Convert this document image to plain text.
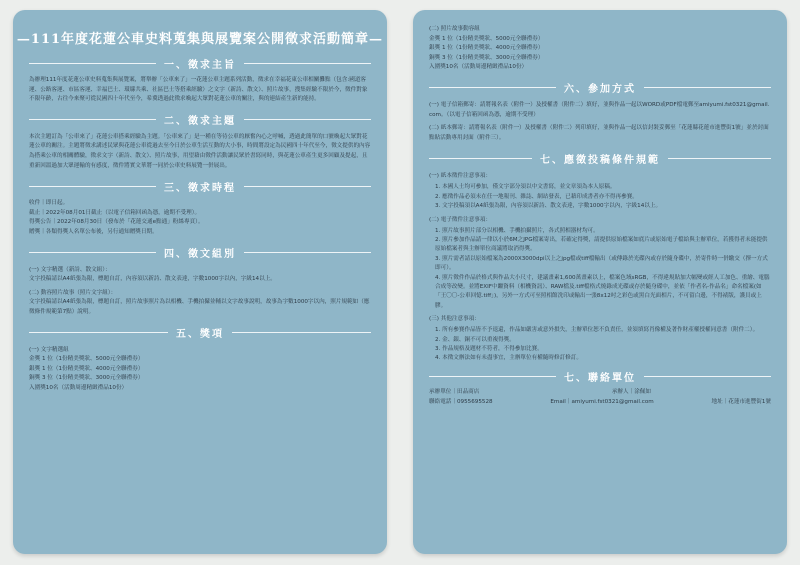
—111年度花蓮公車史料蒐集與展覽案公開徵求活動簡章—
一、徵求主旨

為辦理111年度花蓮公車史料蒐集與展覽案，將舉辦「公車來了」一花蓮公車主題系列活動，徵求在幸福花東公車相關攤點（包含:國道客運、公路客運、市區客運、幸福巴士、環縣共乘、社區巴士等搭乘經驗）之文字（新詩、散文）、照片故事，搜集經驗不限於今，徵件對象不限年齡，古往今來聚可從民國四十年代至今，希冀透過此徵求喚起大眾對花蓮公車的關注，與的連結產生新的能持。

二、徵求主題

本次主題訂為「公車來了」花蓮公車搭乘經驗為主題。「公車來了」是一種在等待公車的厭奮內心之呼喊，透過此簡單的口號喚起大眾對花蓮公車的關注。主題將徵求講述民眾與花蓮公車從過去至今日於公車生活互動的大小事，時間將設定為民國四十年代至今，徵文提供的內容為搭乘公車的相關體驗，徵求文字（新詩、散文）、照片故事，用望藉由徵件活動讓民眾於書寫同時，與花蓮公車產生更多回顧及提起，且重新回溫過加大眾運輸的有感度，徵件將實文華將一同於公車史料展覽一併展出。

三、徵求時程

收件｜即日起。

截止｜2022年08月01日截止（以電子信箱回函為憑，逾期不受理）。

得獎公告｜2022年08月30日（發布於「花蓮交通e點通」粉絲專頁）。

贈獎｜各類得獎人名單公布後，另行通知贈獎日期。

四、徵文組別

(一) 文字精選（新詩、散文組）：

文字投稿請以A4紙張為限，標題自訂，內容須以新詩、散文表達，字數1000字以內，字級14以上。

(二) 動容照片故事（照片文字組）：

文字投稿請以A4紙張為限，標題自訂，照片故事照片為以相機、手機拍攝並輔以文字故事說明，故事為字數1000字以內，照片規範如（應徵條件規範第7點）說明。

五、獎項

(一) 文字精選組

金獎 1 位（1份精美獎狀、5000元全聯禮券）

銀獎 1 位（1份精美獎狀、4000元全聯禮券）

銅獎 3 位（1份精美獎狀、3000元全聯禮券）

入圍獎10名（活動周邊精緻禮品10份）

(二) 照片故事動容組

金獎 1 位（1份精美獎狀、5000元全聯禮券）

銀獎 1 位（1份精美獎狀、4000元全聯禮券）

銅獎 3 位（1份精美獎狀、3000元全聯禮券）

入圍獎10名（活動周邊精緻禮品10份）

六、參加方式

(一) 電子信箱郵寄：請將報名表（附件一）及授權書（附件二）填好，並與作品一起以WORD或PDF檔電郵至amiyumi.fst0321@gmail.com。（以電子信箱回函為憑，逾期不受理）

(二) 紙本郵寄：請將報名表（附件一）及授權書（附件二）列印填好，並與作品一起以信封裝妥郵至「花蓮縣花蓮市進豐街1號」並於封面點貼活動專用封面（附件三）。

七、應徵投稿條件規範
(一) 紙本徵件注意事項：
1. 本國人士均可參加，僅文字部分須以中文書寫，並文章須為本人原稿。
2. 應徵作品必須未在任一地報刊、雜誌、網站發表，已藉印成書者亦不得再參賽。
3. 文字投稿須以A4紙張為限，內容須以新詩、散文表達，字數1000字以內，字級14以上。
(二) 電子徵件注意事項：
1. 照片故事照片部分以相機、手機拍攝照片，各式照相器材均可。
2. 照片參加作品請一律以小於6M之JPG檔案寄出，若確定得獎，請提供原始檔案如底片或原始電子檔給與主辦單位，若獲得者未能提供原始檔案者與主辦單位商議將取消得獎。
3. 照片需者請以原始檔案為2000X3000dpi以上之jpg檔或tiff檔輸出（或傳錄於光碟內或存於隨身碟中，於寄件時一併繳交（擇一方式即可）。
4. 照片徵件作品於格式與作品大小尺寸，建議畫素1,600萬畫素以上，檔案色域sRGB，不得違規貼加大幅變或經人工加色、重繪、電腦合成等改變。並將EXIF中繼資料（相機資訊）、RAW檔及.tiff檔格式燒錄成光碟或存於隨身碟中，並依「作者名-作品名」命名檔案(如「王〇〇-公車回憶.tiff」)，另外一方式可至照相館洗印或輸出一張8x12吋之彩色或黑白光面相片，不可留白邊，不得裱版，護貝或上膠。
(三) 其他注意事項：
1. 所有參賽作品皆不予退還，作品如嚴害或意外損失，主辦單位恕不負責任，並須填寫肖像權及著作財產權授權同意書（附件二）。
2. 金、銀、銅不可以重複得獎。
3. 作品規格及題材不符者，不得參加比賽。
4. 本徵文辦法如有未盡事宜，主辦單位有權隨時修訂修訂。
七、聯絡單位
承辦單位｜田品商店	承辦人｜涂佩如
聯絡電話｜0955695528	Email｜amiyumi.fst0321@gmail.com	地址｜花蓮市進豐街1號
